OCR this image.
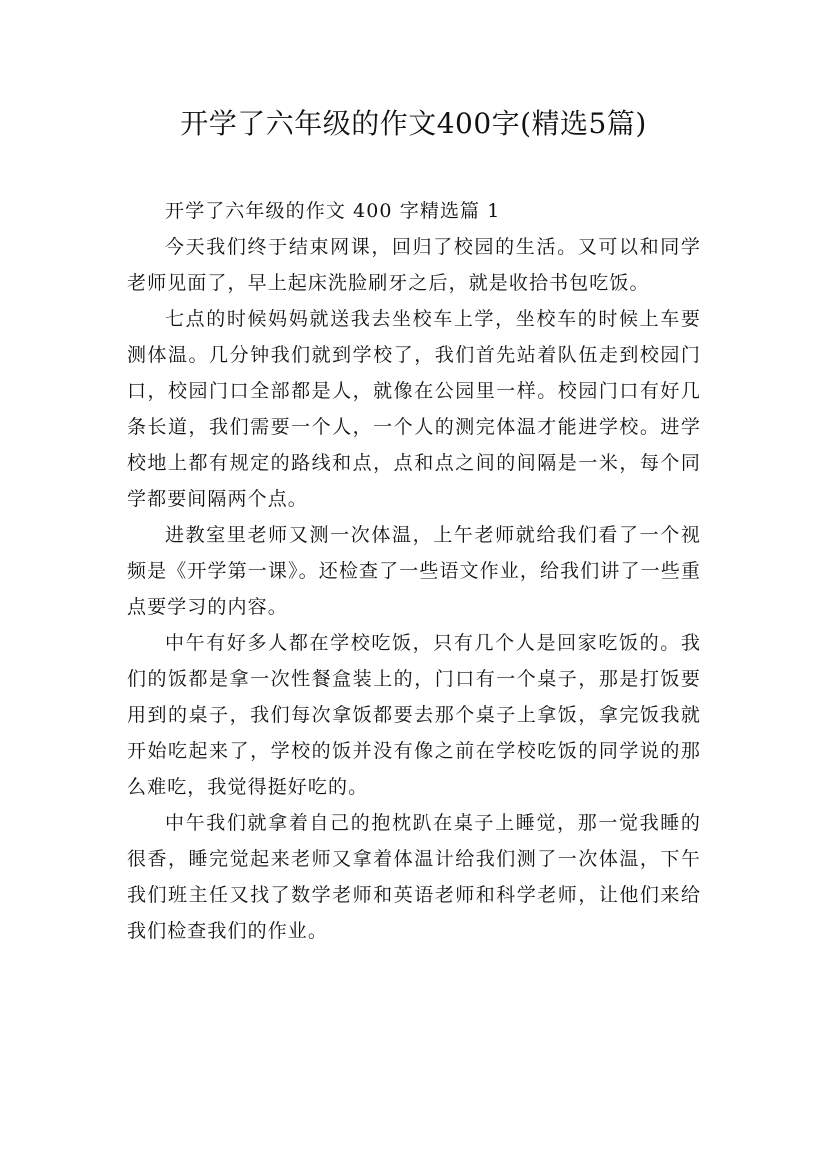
开学了六年级的作文400字(精选5篇)

开学了六年级的作文 400 字精选篇 1

今天我们终于结束网课，回归了校园的生活。又可以和同学老师见面了，早上起床洗脸刷牙之后，就是收拾书包吃饭。

七点的时候妈妈就送我去坐校车上学，坐校车的时候上车要测体温。几分钟我们就到学校了，我们首先站着队伍走到校园门口，校园门口全部都是人，就像在公园里一样。校园门口有好几条长道，我们需要一个人，一个人的测完体温才能进学校。进学校地上都有规定的路线和点，点和点之间的间隔是一米，每个同学都要间隔两个点。

进教室里老师又测一次体温，上午老师就给我们看了一个视频是《开学第一课》。还检查了一些语文作业，给我们讲了一些重点要学习的内容。

中午有好多人都在学校吃饭，只有几个人是回家吃饭的。我们的饭都是拿一次性餐盒装上的，门口有一个桌子，那是打饭要用到的桌子，我们每次拿饭都要去那个桌子上拿饭，拿完饭我就开始吃起来了，学校的饭并没有像之前在学校吃饭的同学说的那么难吃，我觉得挺好吃的。

中午我们就拿着自己的抱枕趴在桌子上睡觉，那一觉我睡的很香，睡完觉起来老师又拿着体温计给我们测了一次体温，下午我们班主任又找了数学老师和英语老师和科学老师，让他们来给我们检查我们的作业。
